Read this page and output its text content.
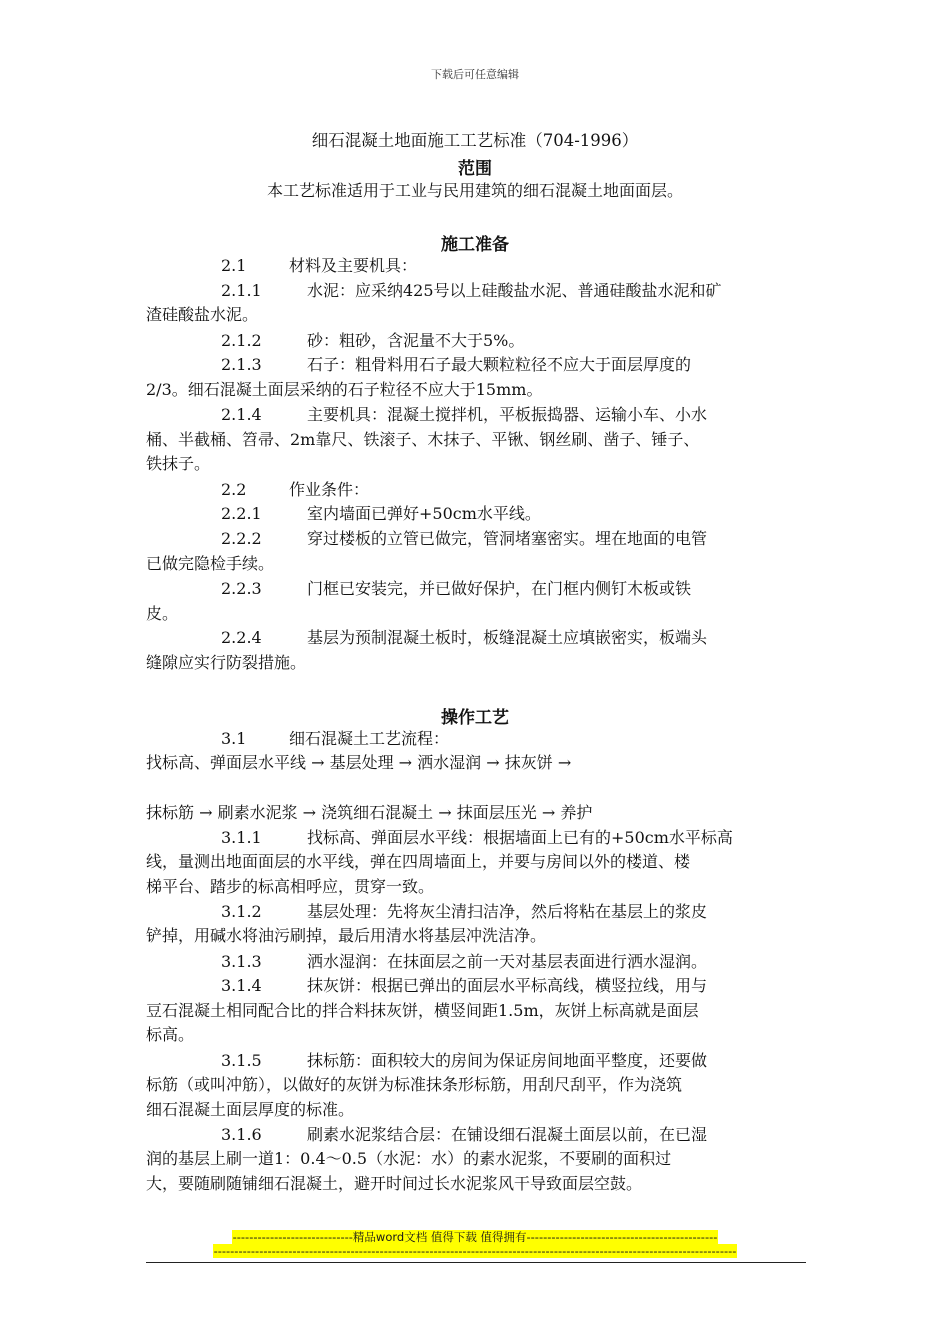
下载后可任意编辑
细石混凝土地面施工工艺标准（704-1996）
范围
本工艺标准适用于工业与民用建筑的细石混凝土地面面层。
施工准备
2.1	材料及主要机具：
2.1.1	水泥：应采纳425号以上硅酸盐水泥、普通硅酸盐水泥和矿
渣硅酸盐水泥。
2.1.2	砂：粗砂，含泥量不大于5%。
2.1.3	石子：粗骨料用石子最大颗粒粒径不应大于面层厚度的
2/3。细石混凝土面层采纳的石子粒径不应大于15mm。
2.1.4	主要机具：混凝土搅拌机，平板振捣器、运输小车、小水
桶、半截桶、笤帚、2m靠尺、铁滚子、木抹子、平锹、钢丝刷、凿子、锤子、
铁抹子。
2.2	作业条件：
2.2.1	室内墙面已弹好+50cm水平线。
2.2.2	穿过楼板的立管已做完，管洞堵塞密实。埋在地面的电管
已做完隐检手续。
2.2.3	门框已安装完，并已做好保护，在门框内侧钉木板或铁
皮。
2.2.4	基层为预制混凝土板时，板缝混凝土应填嵌密实，板端头
缝隙应实行防裂措施。
操作工艺
3.1	细石混凝土工艺流程：
找标高、弹面层水平线 → 基层处理 → 洒水湿润 → 抹灰饼 →
抹标筋 → 刷素水泥浆 → 浇筑细石混凝土 → 抹面层压光 → 养护
3.1.1	找标高、弹面层水平线：根据墙面上已有的+50cm水平标高
线，量测出地面面层的水平线，弹在四周墙面上，并要与房间以外的楼道、楼
梯平台、踏步的标高相呼应，贯穿一致。
3.1.2	基层处理：先将灰尘清扫洁净，然后将粘在基层上的浆皮
铲掉，用碱水将油污刷掉，最后用清水将基层冲洗洁净。
3.1.3	洒水湿润：在抹面层之前一天对基层表面进行洒水湿润。
3.1.4	抹灰饼：根据已弹出的面层水平标高线，横竖拉线，用与
豆石混凝土相同配合比的拌合料抹灰饼，横竖间距1.5m，灰饼上标高就是面层
标高。
3.1.5	抹标筋：面积较大的房间为保证房间地面平整度，还要做
标筋（或叫冲筋），以做好的灰饼为标准抹条形标筋，用刮尺刮平，作为浇筑
细石混凝土面层厚度的标准。
3.1.6	刷素水泥浆结合层：在铺设细石混凝土面层以前，在已湿
润的基层上刷一道1：0.4～0.5（水泥：水）的素水泥浆，不要刷的面积过
大，要随刷随铺细石混凝土，避开时间过长水泥浆风干导致面层空鼓。
-----------------------------精品word文档 值得下载 值得拥有----------------------------------------------
------------------------------------------------------------------------------------------------------------------------------
